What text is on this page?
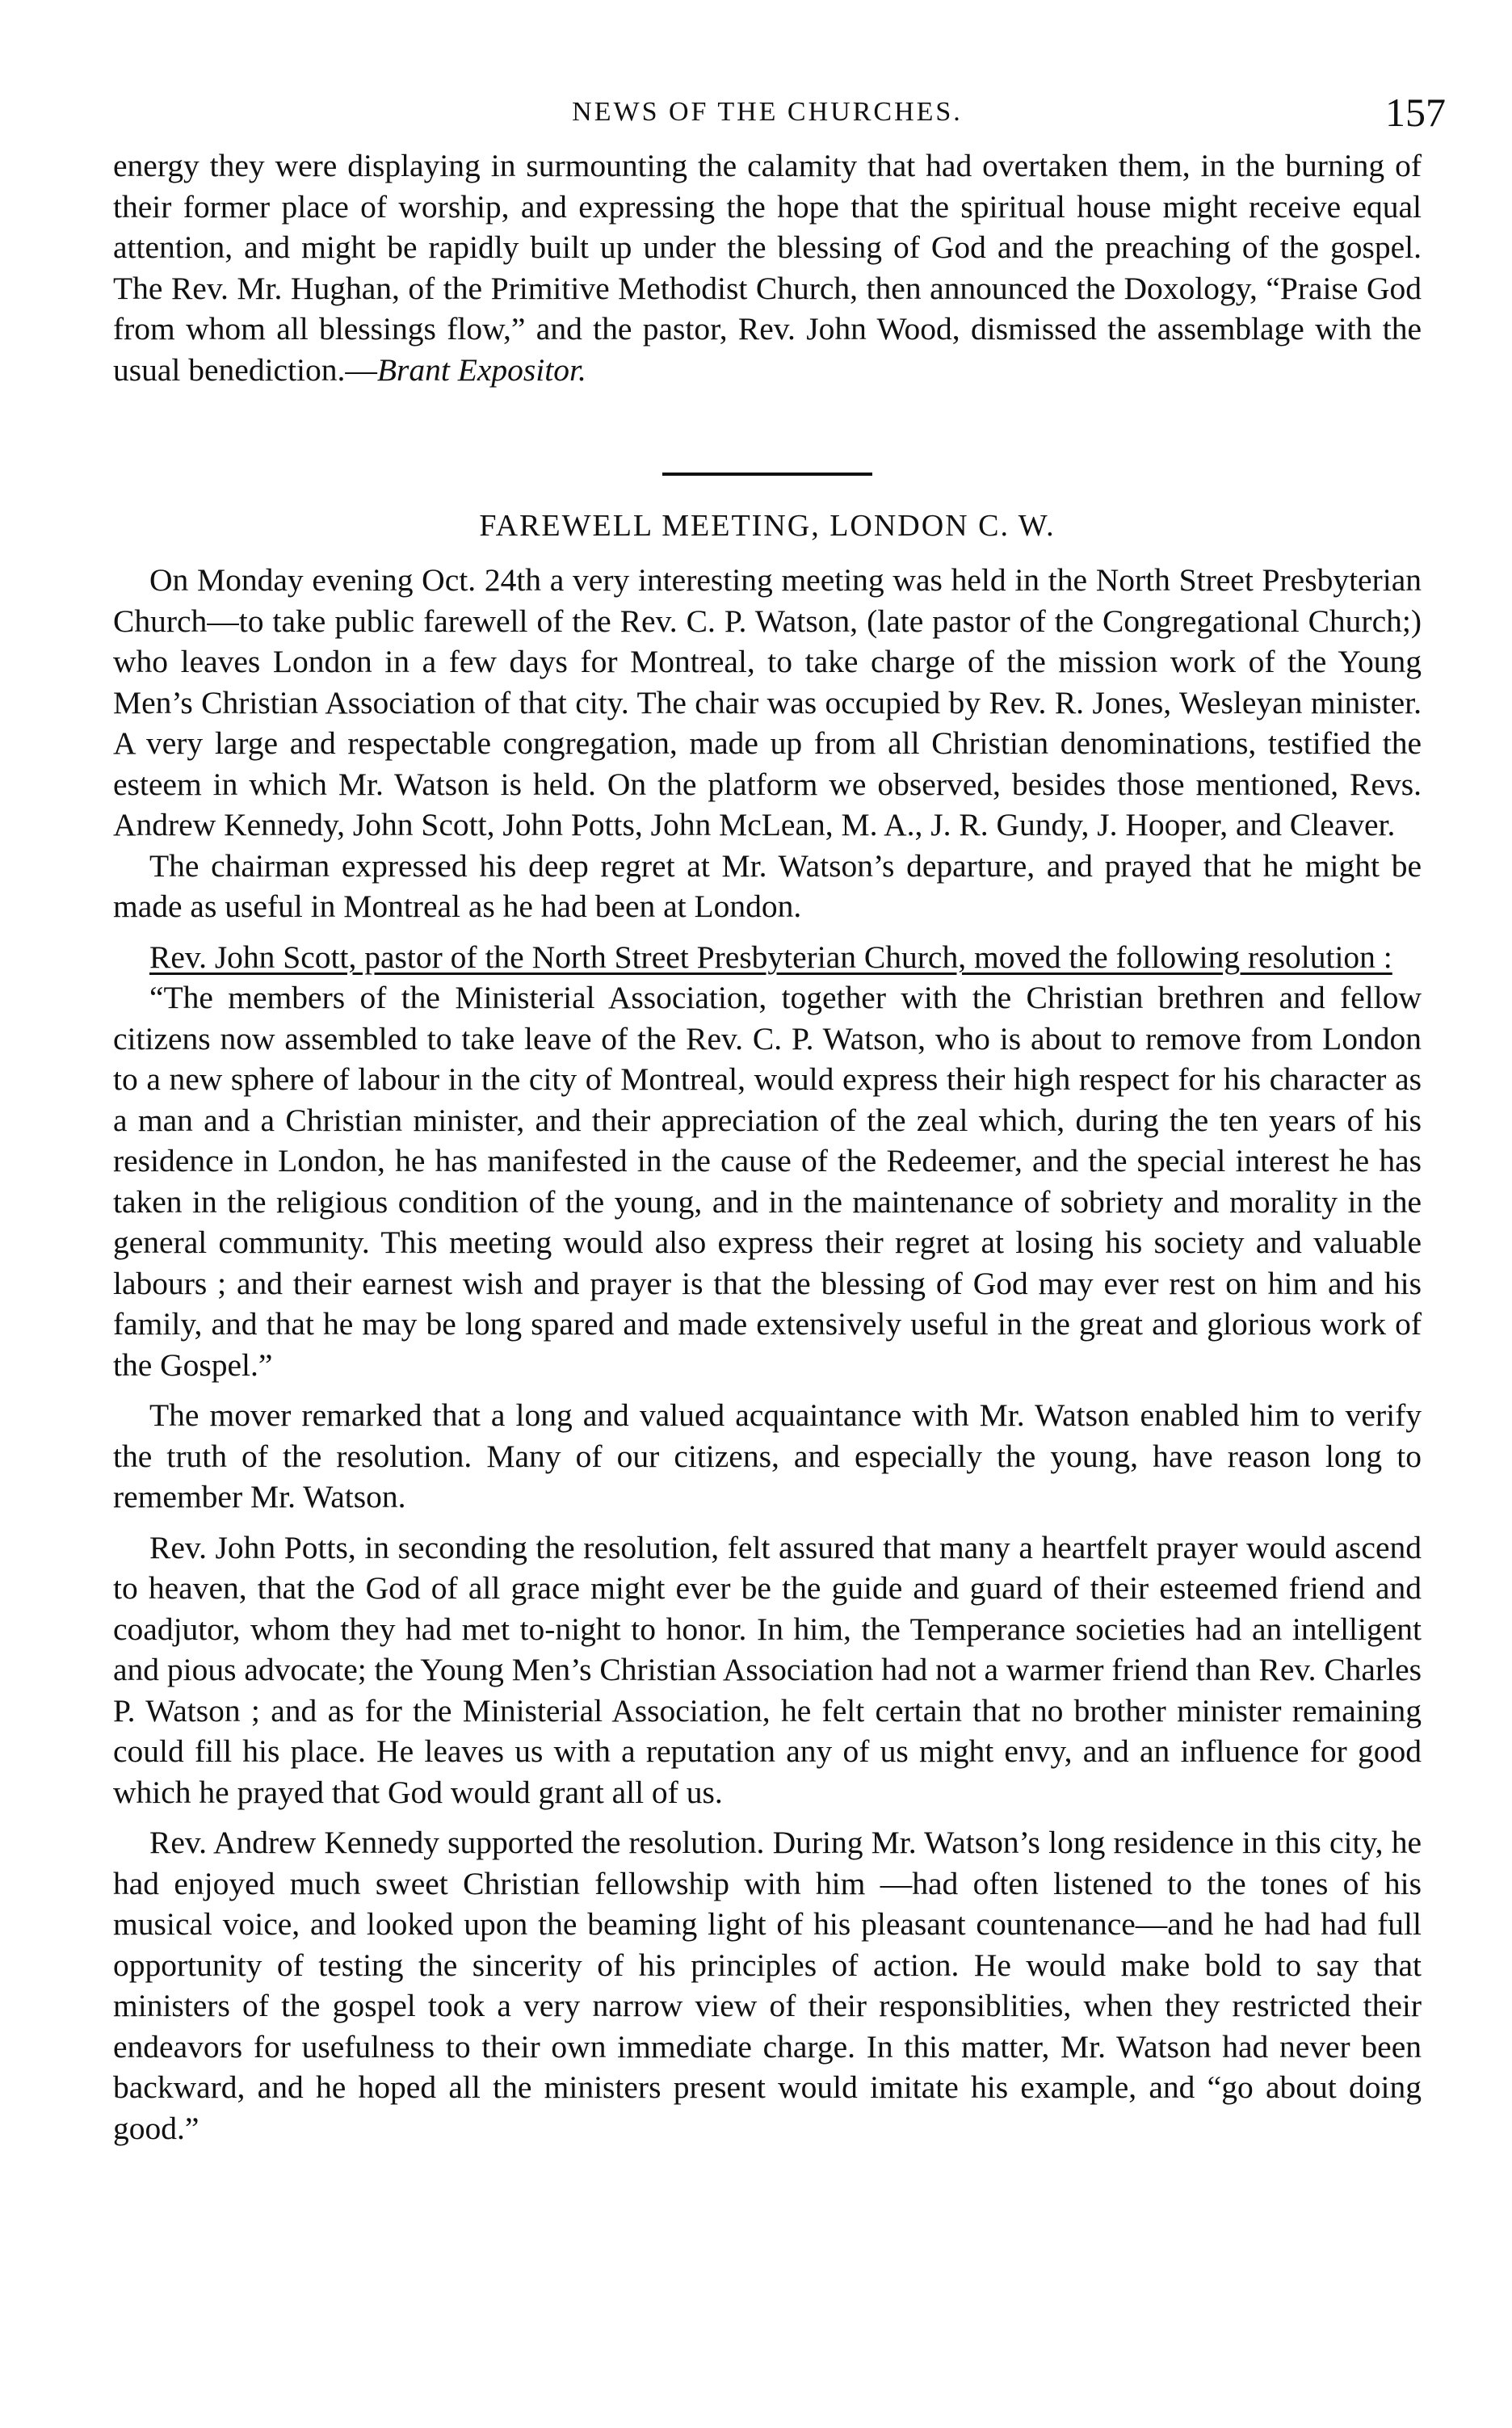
NEWS OF THE CHURCHES.	157

energy they were displaying in surmounting the calamity that had overtaken them, in the burning of their former place of worship, and expressing the hope that the spiritual house might receive equal attention, and might be rapidly built up under the blessing of God and the preaching of the gospel. The Rev. Mr. Hughan, of the Primitive Methodist Church, then announced the Doxology, “Praise God from whom all blessings flow,” and the pastor, Rev. John Wood, dismissed the assemblage with the usual benediction.—Brant Expositor.

FAREWELL MEETING, LONDON C. W.

On Monday evening Oct. 24th a very interesting meeting was held in the North Street Presbyterian Church—to take public farewell of the Rev. C. P. Watson, (late pastor of the Congregational Church;) who leaves London in a few days for Montreal, to take charge of the mission work of the Young Men’s Christian Association of that city. The chair was occupied by Rev. R. Jones, Wesleyan minister. A very large and respectable congregation, made up from all Christian denominations, testified the esteem in which Mr. Watson is held. On the platform we observed, besides those mentioned, Revs. Andrew Kennedy, John Scott, John Potts, John McLean, M. A., J. R. Gundy, J. Hooper, and Cleaver.

The chairman expressed his deep regret at Mr. Watson’s departure, and prayed that he might be made as useful in Montreal as he had been at London.

Rev. John Scott, pastor of the North Street Presbyterian Church, moved the following resolution :

“The members of the Ministerial Association, together with the Christian brethren and fellow citizens now assembled to take leave of the Rev. C. P. Watson, who is about to remove from London to a new sphere of labour in the city of Montreal, would express their high respect for his character as a man and a Christian minister, and their appreciation of the zeal which, during the ten years of his residence in London, he has manifested in the cause of the Redeemer, and the special interest he has taken in the religious condition of the young, and in the maintenance of sobriety and morality in the general community. This meeting would also express their regret at losing his society and valuable labours ; and their earnest wish and prayer is that the blessing of God may ever rest on him and his family, and that he may be long spared and made extensively useful in the great and glorious work of the Gospel.”

The mover remarked that a long and valued acquaintance with Mr. Watson enabled him to verify the truth of the resolution. Many of our citizens, and especially the young, have reason long to remember Mr. Watson.

Rev. John Potts, in seconding the resolution, felt assured that many a heartfelt prayer would ascend to heaven, that the God of all grace might ever be the guide and guard of their esteemed friend and coadjutor, whom they had met to-night to honor. In him, the Temperance societies had an intelligent and pious advocate; the Young Men’s Christian Association had not a warmer friend than Rev. Charles P. Watson ; and as for the Ministerial Association, he felt certain that no brother minister remaining could fill his place. He leaves us with a reputation any of us might envy, and an influence for good which he prayed that God would grant all of us.

Rev. Andrew Kennedy supported the resolution. During Mr. Watson’s long residence in this city, he had enjoyed much sweet Christian fellowship with him —had often listened to the tones of his musical voice, and looked upon the beaming light of his pleasant countenance—and he had had full opportunity of testing the sincerity of his principles of action. He would make bold to say that ministers of the gospel took a very narrow view of their responsiblities, when they restricted their endeavors for usefulness to their own immediate charge. In this matter, Mr. Watson had never been backward, and he hoped all the ministers present would imitate his example, and “go about doing good.”
